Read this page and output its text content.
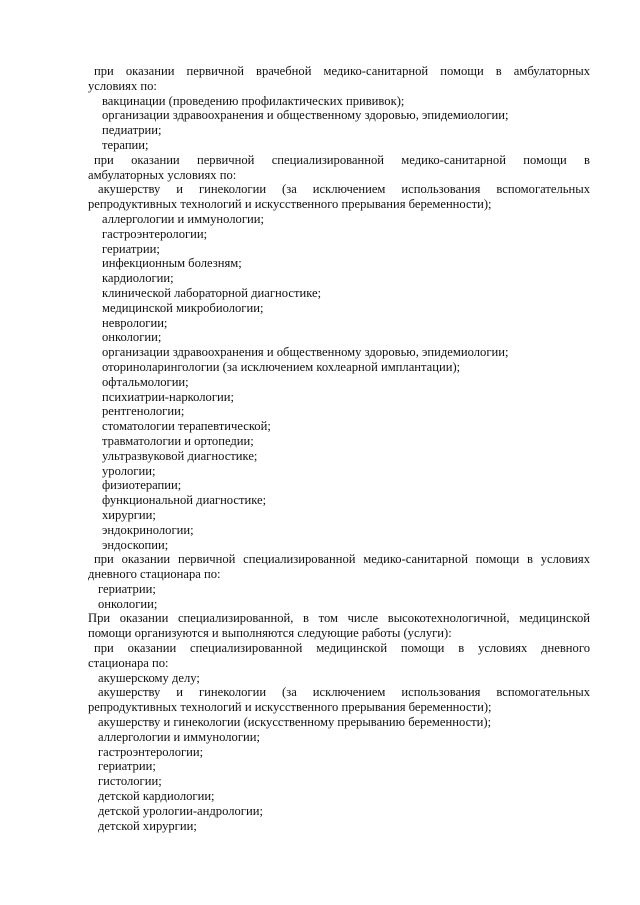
при оказании первичной врачебной медико-санитарной помощи в амбулаторных
условиях по:
вакцинации (проведению профилактических прививок);
организации здравоохранения и общественному здоровью, эпидемиологии;
педиатрии;
терапии;
при оказании первичной специализированной медико-санитарной помощи в
амбулаторных условиях по:
акушерству и гинекологии (за исключением использования вспомогательных
репродуктивных технологий и искусственного прерывания беременности);
аллергологии и иммунологии;
гастроэнтерологии;
гериатрии;
инфекционным болезням;
кардиологии;
клинической лабораторной диагностике;
медицинской микробиологии;
неврологии;
онкологии;
организации здравоохранения и общественному здоровью, эпидемиологии;
оториноларингологии (за исключением кохлеарной имплантации);
офтальмологии;
психиатрии-наркологии;
рентгенологии;
стоматологии терапевтической;
травматологии и ортопедии;
ультразвуковой диагностике;
урологии;
физиотерапии;
функциональной диагностике;
хирургии;
эндокринологии;
эндоскопии;
при оказании первичной специализированной медико-санитарной помощи в условиях
дневного стационара по:
гериатрии;
онкологии;
При оказании специализированной, в том числе высокотехнологичной, медицинской
помощи организуются и выполняются следующие работы (услуги):
при оказании специализированной медицинской помощи в условиях дневного
стационара по:
акушерскому делу;
акушерству и гинекологии (за исключением использования вспомогательных
репродуктивных технологий и искусственного прерывания беременности);
акушерству и гинекологии (искусственному прерыванию беременности);
аллергологии и иммунологии;
гастроэнтерологии;
гериатрии;
гистологии;
детской кардиологии;
детской урологии-андрологии;
детской хирургии;
